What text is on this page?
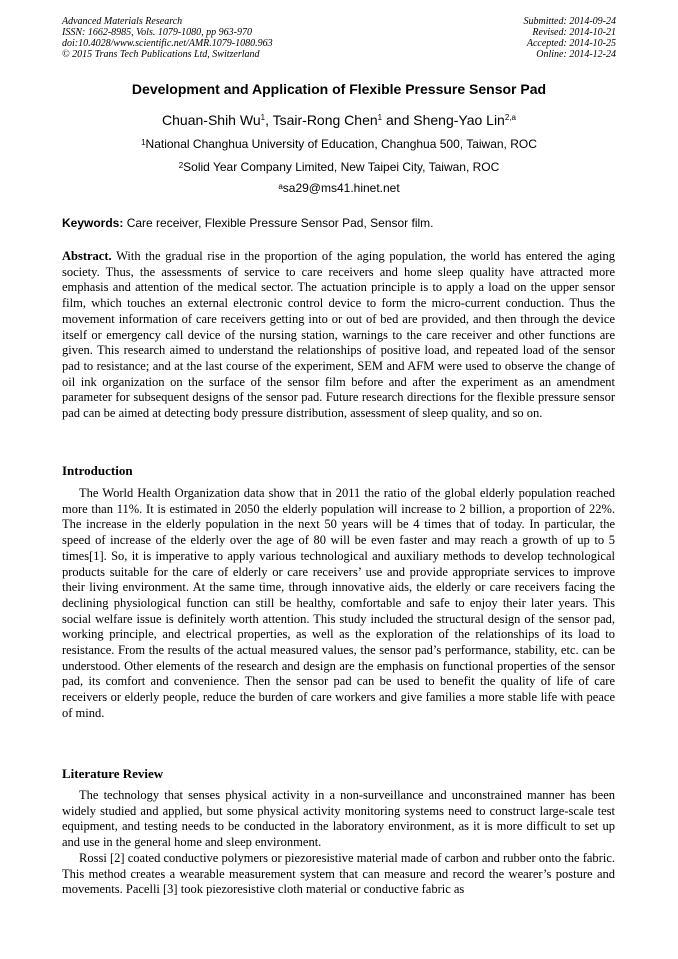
Advanced Materials Research
ISSN: 1662-8985, Vols. 1079-1080, pp 963-970
doi:10.4028/www.scientific.net/AMR.1079-1080.963
© 2015 Trans Tech Publications Ltd, Switzerland
Submitted: 2014-09-24
Revised: 2014-10-21
Accepted: 2014-10-25
Online: 2014-12-24
Development and Application of Flexible Pressure Sensor Pad
Chuan-Shih Wu$^1$, Tsair-Rong Chen$^1$ and Sheng-Yao Lin$^{2,a}$
$^1$National Changhua University of Education, Changhua 500, Taiwan, ROC
$^2$Solid Year Company Limited, New Taipei City, Taiwan, ROC
$^a$sa29@ms41.hinet.net
Keywords: Care receiver, Flexible Pressure Sensor Pad, Sensor film.

Abstract. With the gradual rise in the proportion of the aging population, the world has entered the aging society. Thus, the assessments of service to care receivers and home sleep quality have attracted more emphasis and attention of the medical sector. The actuation principle is to apply a load on the upper sensor film, which touches an external electronic control device to form the micro-current conduction. Thus the movement information of care receivers getting into or out of bed are provided, and then through the device itself or emergency call device of the nursing station, warnings to the care receiver and other functions are given. This research aimed to understand the relationships of positive load, and repeated load of the sensor pad to resistance; and at the last course of the experiment, SEM and AFM were used to observe the change of oil ink organization on the surface of the sensor film before and after the experiment as an amendment parameter for subsequent designs of the sensor pad. Future research directions for the flexible pressure sensor pad can be aimed at detecting body pressure distribution, assessment of sleep quality, and so on.

Introduction

The World Health Organization data show that in 2011 the ratio of the global elderly population reached more than 11%. It is estimated in 2050 the elderly population will increase to 2 billion, a proportion of 22%. The increase in the elderly population in the next 50 years will be 4 times that of today. In particular, the speed of increase of the elderly over the age of 80 will be even faster and may reach a growth of up to 5 times[1]. So, it is imperative to apply various technological and auxiliary methods to develop technological products suitable for the care of elderly or care receivers’ use and provide appropriate services to improve their living environment. At the same time, through innovative aids, the elderly or care receivers facing the declining physiological function can still be healthy, comfortable and safe to enjoy their later years. This social welfare issue is definitely worth attention. This study included the structural design of the sensor pad, working principle, and electrical properties, as well as the exploration of the relationships of its load to resistance. From the results of the actual measured values, the sensor pad’s performance, stability, etc. can be understood. Other elements of the research and design are the emphasis on functional properties of the sensor pad, its comfort and convenience. Then the sensor pad can be used to benefit the quality of life of care receivers or elderly people, reduce the burden of care workers and give families a more stable life with peace of mind.

Literature Review

The technology that senses physical activity in a non-surveillance and unconstrained manner has been widely studied and applied, but some physical activity monitoring systems need to construct large-scale test equipment, and testing needs to be conducted in the laboratory environment, as it is more difficult to set up and use in the general home and sleep environment.

Rossi [2] coated conductive polymers or piezoresistive material made of carbon and rubber onto the fabric. This method creates a wearable measurement system that can measure and record the wearer’s posture and movements. Pacelli [3] took piezoresistive cloth material or conductive fabric as
